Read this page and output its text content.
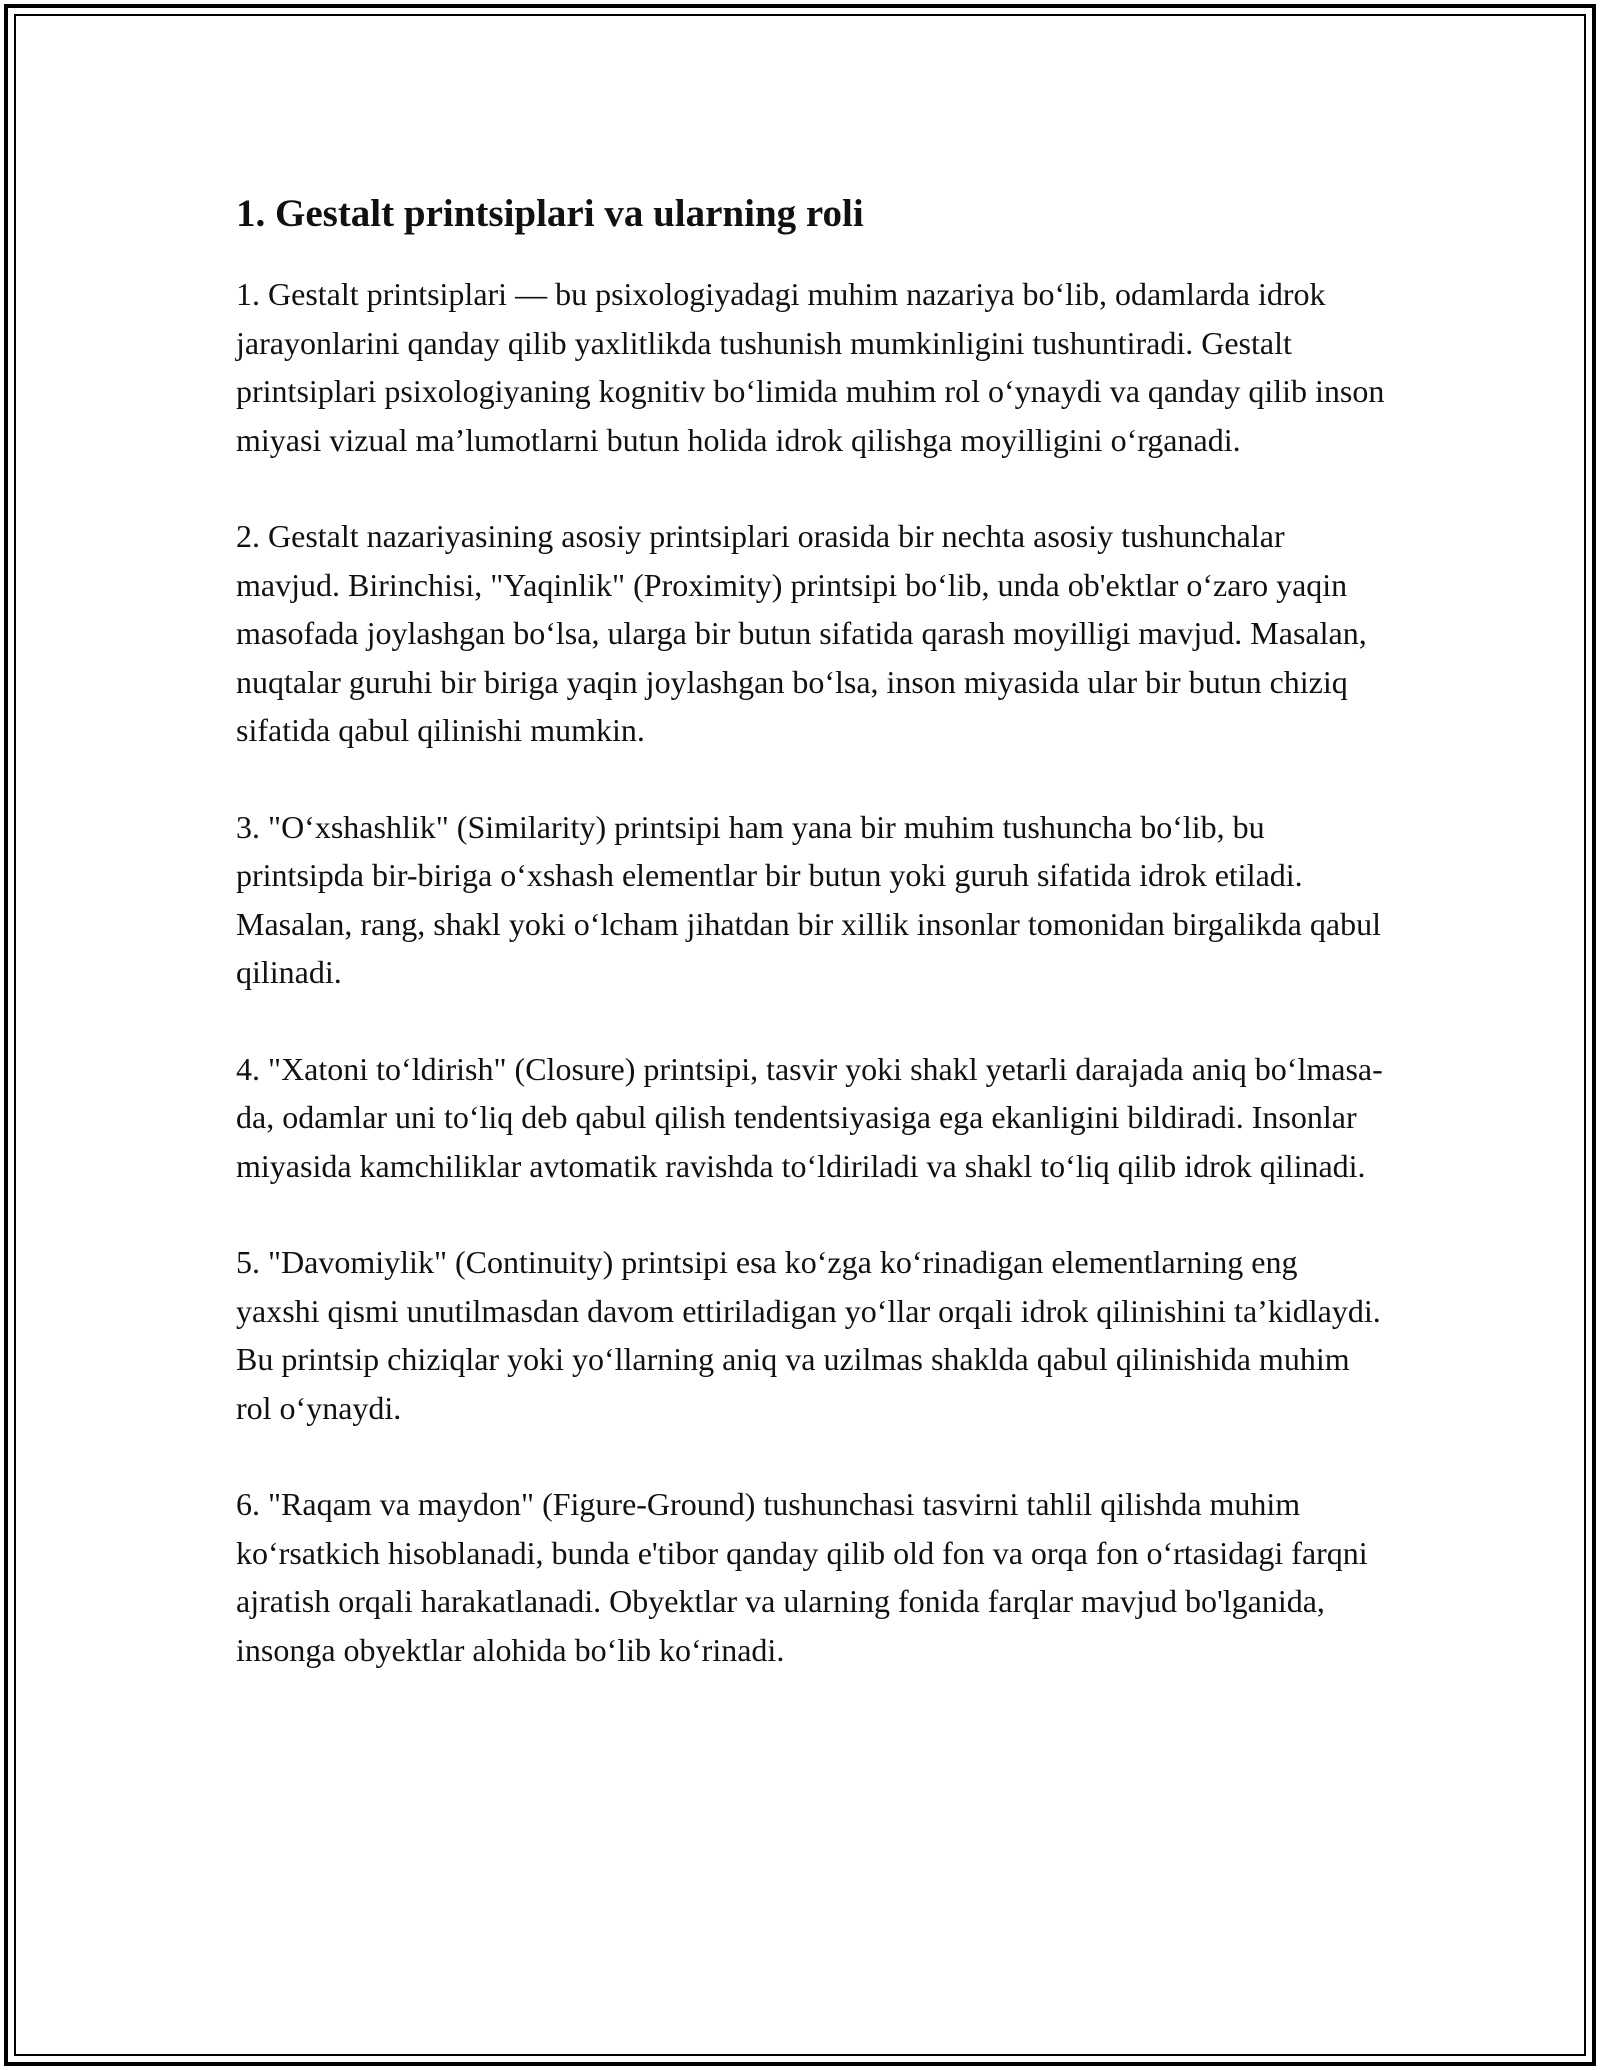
1. Gestalt printsiplari va ularning roli

1. Gestalt printsiplari — bu psixologiyadagi muhim nazariya bo‘lib, odamlarda idrok jarayonlarini qanday qilib yaxlitlikda tushunish mumkinligini tushuntiradi. Gestalt printsiplari psixologiyaning kognitiv bo‘limida muhim rol o‘ynaydi va qanday qilib inson miyasi vizual ma’lumotlarni butun holida idrok qilishga moyilligini o‘rganadi.

2. Gestalt nazariyasining asosiy printsiplari orasida bir nechta asosiy tushunchalar mavjud. Birinchisi, "Yaqinlik" (Proximity) printsipi bo‘lib, unda ob'ektlar o‘zaro yaqin masofada joylashgan bo‘lsa, ularga bir butun sifatida qarash moyilligi mavjud. Masalan, nuqtalar guruhi bir biriga yaqin joylashgan bo‘lsa, inson miyasida ular bir butun chiziq sifatida qabul qilinishi mumkin.

3. "O‘xshashlik" (Similarity) printsipi ham yana bir muhim tushuncha bo‘lib, bu printsipda bir-biriga o‘xshash elementlar bir butun yoki guruh sifatida idrok etiladi. Masalan, rang, shakl yoki o‘lcham jihatdan bir xillik insonlar tomonidan birgalikda qabul qilinadi.

4. "Xatoni to‘ldirish" (Closure) printsipi, tasvir yoki shakl yetarli darajada aniq bo‘lmasa-da, odamlar uni to‘liq deb qabul qilish tendentsiyasiga ega ekanligini bildiradi. Insonlar miyasida kamchiliklar avtomatik ravishda to‘ldiriladi va shakl to‘liq qilib idrok qilinadi.

5. "Davomiylik" (Continuity) printsipi esa ko‘zga ko‘rinadigan elementlarning eng yaxshi qismi unutilmasdan davom ettiriladigan yo‘llar orqali idrok qilinishini ta’kidlaydi. Bu printsip chiziqlar yoki yo‘llarning aniq va uzilmas shaklda qabul qilinishida muhim rol o‘ynaydi.

6. "Raqam va maydon" (Figure-Ground) tushunchasi tasvirni tahlil qilishda muhim ko‘rsatkich hisoblanadi, bunda e'tibor qanday qilib old fon va orqa fon o‘rtasidagi farqni ajratish orqali harakatlanadi. Obyektlar va ularning fonida farqlar mavjud bo'lganida, insonga obyektlar alohida bo‘lib ko‘rinadi.
